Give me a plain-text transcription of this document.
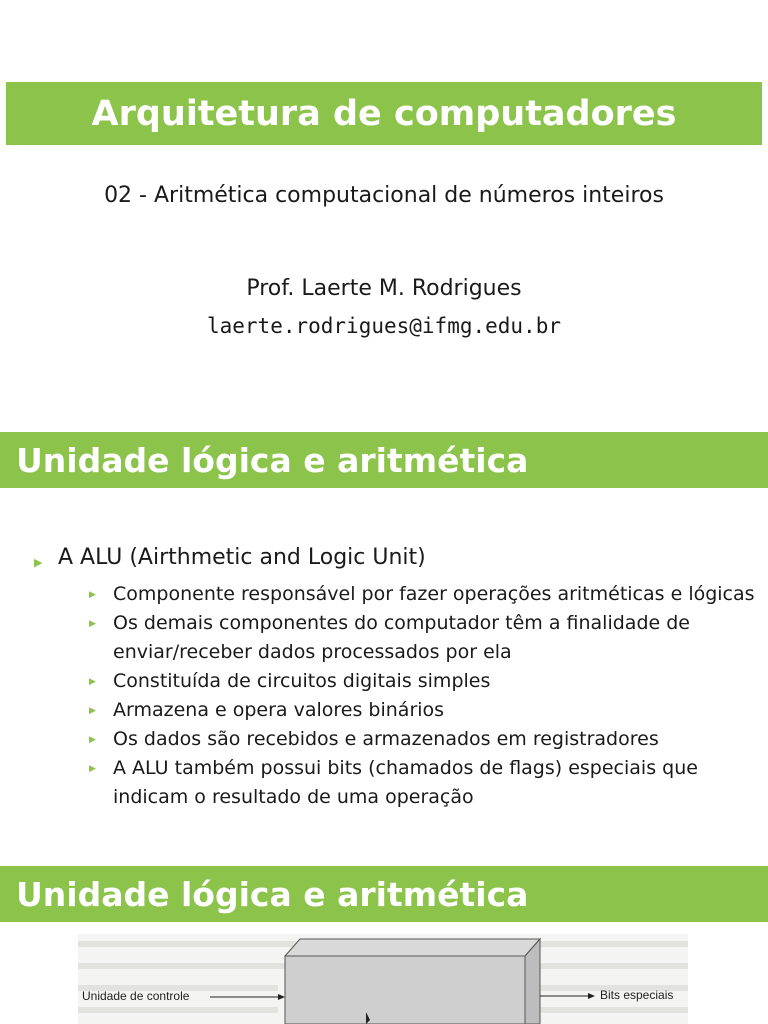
Arquitetura de computadores
02 - Aritmética computacional de números inteiros
Prof. Laerte M. Rodrigues
laerte.rodrigues@ifmg.edu.br
Unidade lógica e aritmética
▶ A ALU (Airthmetic and Logic Unit)
▶ Componente responsável por fazer operações aritméticas e lógicas
▶ Os demais componentes do computador têm a finalidade de
enviar/receber dados processados por ela
▶ Constituída de circuitos digitais simples
▶ Armazena e opera valores binários
▶ Os dados são recebidos e armazenados em registradores
▶ A ALU também possui bits (chamados de flags) especiais que
indicam o resultado de uma operação
Unidade lógica e aritmética
Unidade de controle	Bits especiais
